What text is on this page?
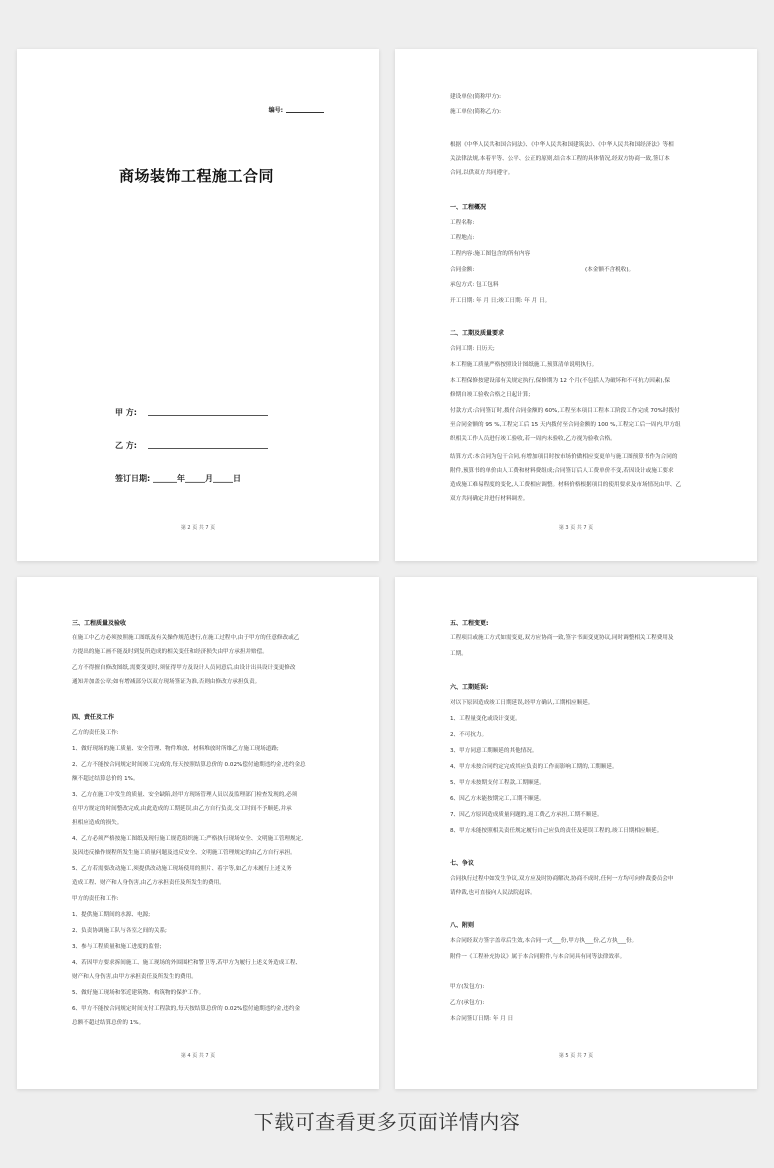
编号:
商场装饰工程施工合同
甲 方:
乙 方:
签订日期: ______年_____月_____日
第 2 页 共 7 页
建设单位(简称甲方):
施工单位(简称乙方):
根据《中华人民共和国合同法》、《中华人民共和国建筑法》、《中华人民共和国经济法》等相
关法律法规,本着平等、公平、公正的原则,结合本工程的具体情况,经双方协商一致,签订本
合同,以供双方共同遵守。
一、工程概况
工程名称:
工程地点:
工程内容:施工图包含的所有内容
合同金额:	(本金额不含税收)。
承包方式: 包工包料
开工日期: 年 月 日;竣工日期: 年 月 日。
二、工期及质量要求
合同工期: 日历天;
本工程施工质量严格按照设计图纸施工,预算清单说明执行。
本工程保修按建设部有关规定执行,保修期为 12 个月(不包括人为破坏和不可抗力因素),保
修期自竣工验收合格之日起计算;
付款方式:合同签订时,拨付合同金额的 60%,工程至本项目工程本工阶段工作完成 70%时拨付
至合同金额的 95 %,工程完工后 15 天内拨付至合同金额的 100 %,工程完工后一周内,甲方组
织相关工作人员进行竣工验收,若一周内未验收,乙方视为验收合格。
结算方式:本合同为包干合同,有增加项目时按市场价做相应变更单与施工图预算书作为合同的
附件,预算书的单价由人工费和材料费组成;合同签订后人工费单价不变,若因设计或施工要求
造成施工难易程度的变化,人工费相应调整。材料价格根据项目的使用要求及市场情况由甲、乙
双方共同确定并进行材料调差。
第 3 页 共 7 页
三、工程质量及验收
在施工中乙方必须按照施工图纸及有关操作规范进行,在施工过程中,由于甲方的任意修改或乙
方提出的施工画不能及时到复所造成的相关变任和经济损失由甲方承担并赔偿。
乙方不得擅自修改图纸,需要变更时,须征得甲方及设计人员同意后,由设计出具设计变更修改
通知并加盖公章;如有增减部分以双方现场签证为准,否则由修改方承担负责。
四、责任及工作
乙方的责任及工作:
1、做好现场的施工质量、安全管理、物件堆放、材料堆放时所维乙方施工现场道路;
2、乙方不能按合同规定时间竣工完成的,每天按照结算总价的 0.02%偿付逾期违约金,违约金总
额不超过结算总价的 1%。
3、乙方在施工中发生的质量、安全缺陷,经甲方现场管理人员以及监理部门检查发现的,必须
在甲方规定的时间整改完成,由此造成的工期延误,由乙方自行负责,交工时间不予顺延,并承
担相应造成的损失。
4、乙方必须严格按施工图纸及现行施工规范组织施工;严格执行现场安全、文明施工管理规定,
及因违反操作规程所发生施工质量问题及违反安全、文明施工管理规定的由乙方自行承担。
5、乙方若需要改动施工,须提供改动施工现场使用的照片、着字等,如乙方未履行上述义务
造成工程、财产和人身伤害,由乙方承担责任及所发生的费用。
甲方的责任和工作:
1、提供施工期间的水源、电源;
2、负责协调施工队与各室之间的关系;
3、参与工程质量和施工进度的监督;
4、若因甲方要求拆间施工、施工现场的外围围栏和警卫等,若甲方为履行上述义务造成工程、
财产和人身伤害,由甲方承担责任及所发生的费用。
5、做好施工现场和邻近建筑物、构筑物的保护工作。
6、甲方不能按合同规定时间支付工程款的,每天按结算总价的 0.02%偿付逾期违约金,违约金
总额不超过结算总价的 1%。
第 4 页 共 7 页
五、工程变更:
工程项目或施工方式如需变更,双方应协商一致,签字书面变更协议,同时调整相关工程费用及
工期。
六、工期延误:
对以下原因造成竣工日期延误,经甲方确认,工期相应顺延。
1、工程量变化或设计变更。
2、不可抗力。
3、甲方同意工期顺延的其他情况。
4、甲方未按合同约定完成其应负责的工作而影响工期的,工期顺延。
5、甲方未按期支付工程款,工期顺延。
6、因乙方未能按期完工,工期不顺延。
7、因乙方原因造成质量问题的,返工费乙方承担,工期不顺延。
8、甲方未能按照相关责任规定履行自己应负的责任及延误工程的,竣工日期相应顺延。
七、争议
合同执行过程中如发生争议,双方应及时协商解决,协商不成时,任何一方均可向仲裁委员会申
请仲裁,也可直接向人民法院起诉。
八、附则
本合同经双方签字盖章后生效,本合同一式___份,甲方执___份,乙方执___份。
附件一《工程补充协议》属于本合同附件,与本合同具有同等法律效率。
甲方(发包方):
乙方(承包方):
本合同签订日期: 年 月 日
第 5 页 共 7 页
下载可查看更多页面详情内容
